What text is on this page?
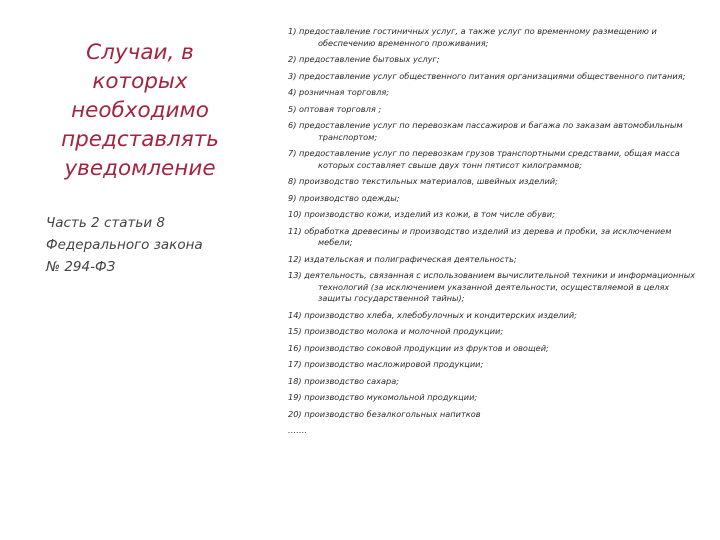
Случаи, в которых необходимо представлять уведомление
Часть 2 статьи 8
Федерального закона
№ 294-ФЗ
1) предоставление гостиничных услуг, а также услуг по временному размещению и обеспечению временного проживания;
2) предоставление бытовых услуг;
3) предоставление услуг общественного питания организациями общественного питания;
4) розничная торговля;
5) оптовая торговля ;
6) предоставление услуг по перевозкам пассажиров и багажа по заказам автомобильным транспортом;
7) предоставление услуг по перевозкам грузов транспортными средствами, общая масса которых составляет свыше двух тонн пятисот килограммов;
8) производство текстильных материалов, швейных изделий;
9) производство одежды;
10) производство кожи, изделий из кожи, в том числе обуви;
11) обработка древесины и производство изделий из дерева и пробки, за исключением мебели;
12) издательская и полиграфическая деятельность;
13) деятельность, связанная с использованием вычислительной техники и информационных технологий (за исключением указанной деятельности, осуществляемой в целях защиты государственной тайны);
14) производство хлеба, хлебобулочных и кондитерских изделий;
15) производство молока и молочной продукции;
16) производство соковой продукции из фруктов и овощей;
17) производство масложировой продукции;
18) производство сахара;
19) производство мукомольной продукции;
20) производство безалкогольных напитков
…….
